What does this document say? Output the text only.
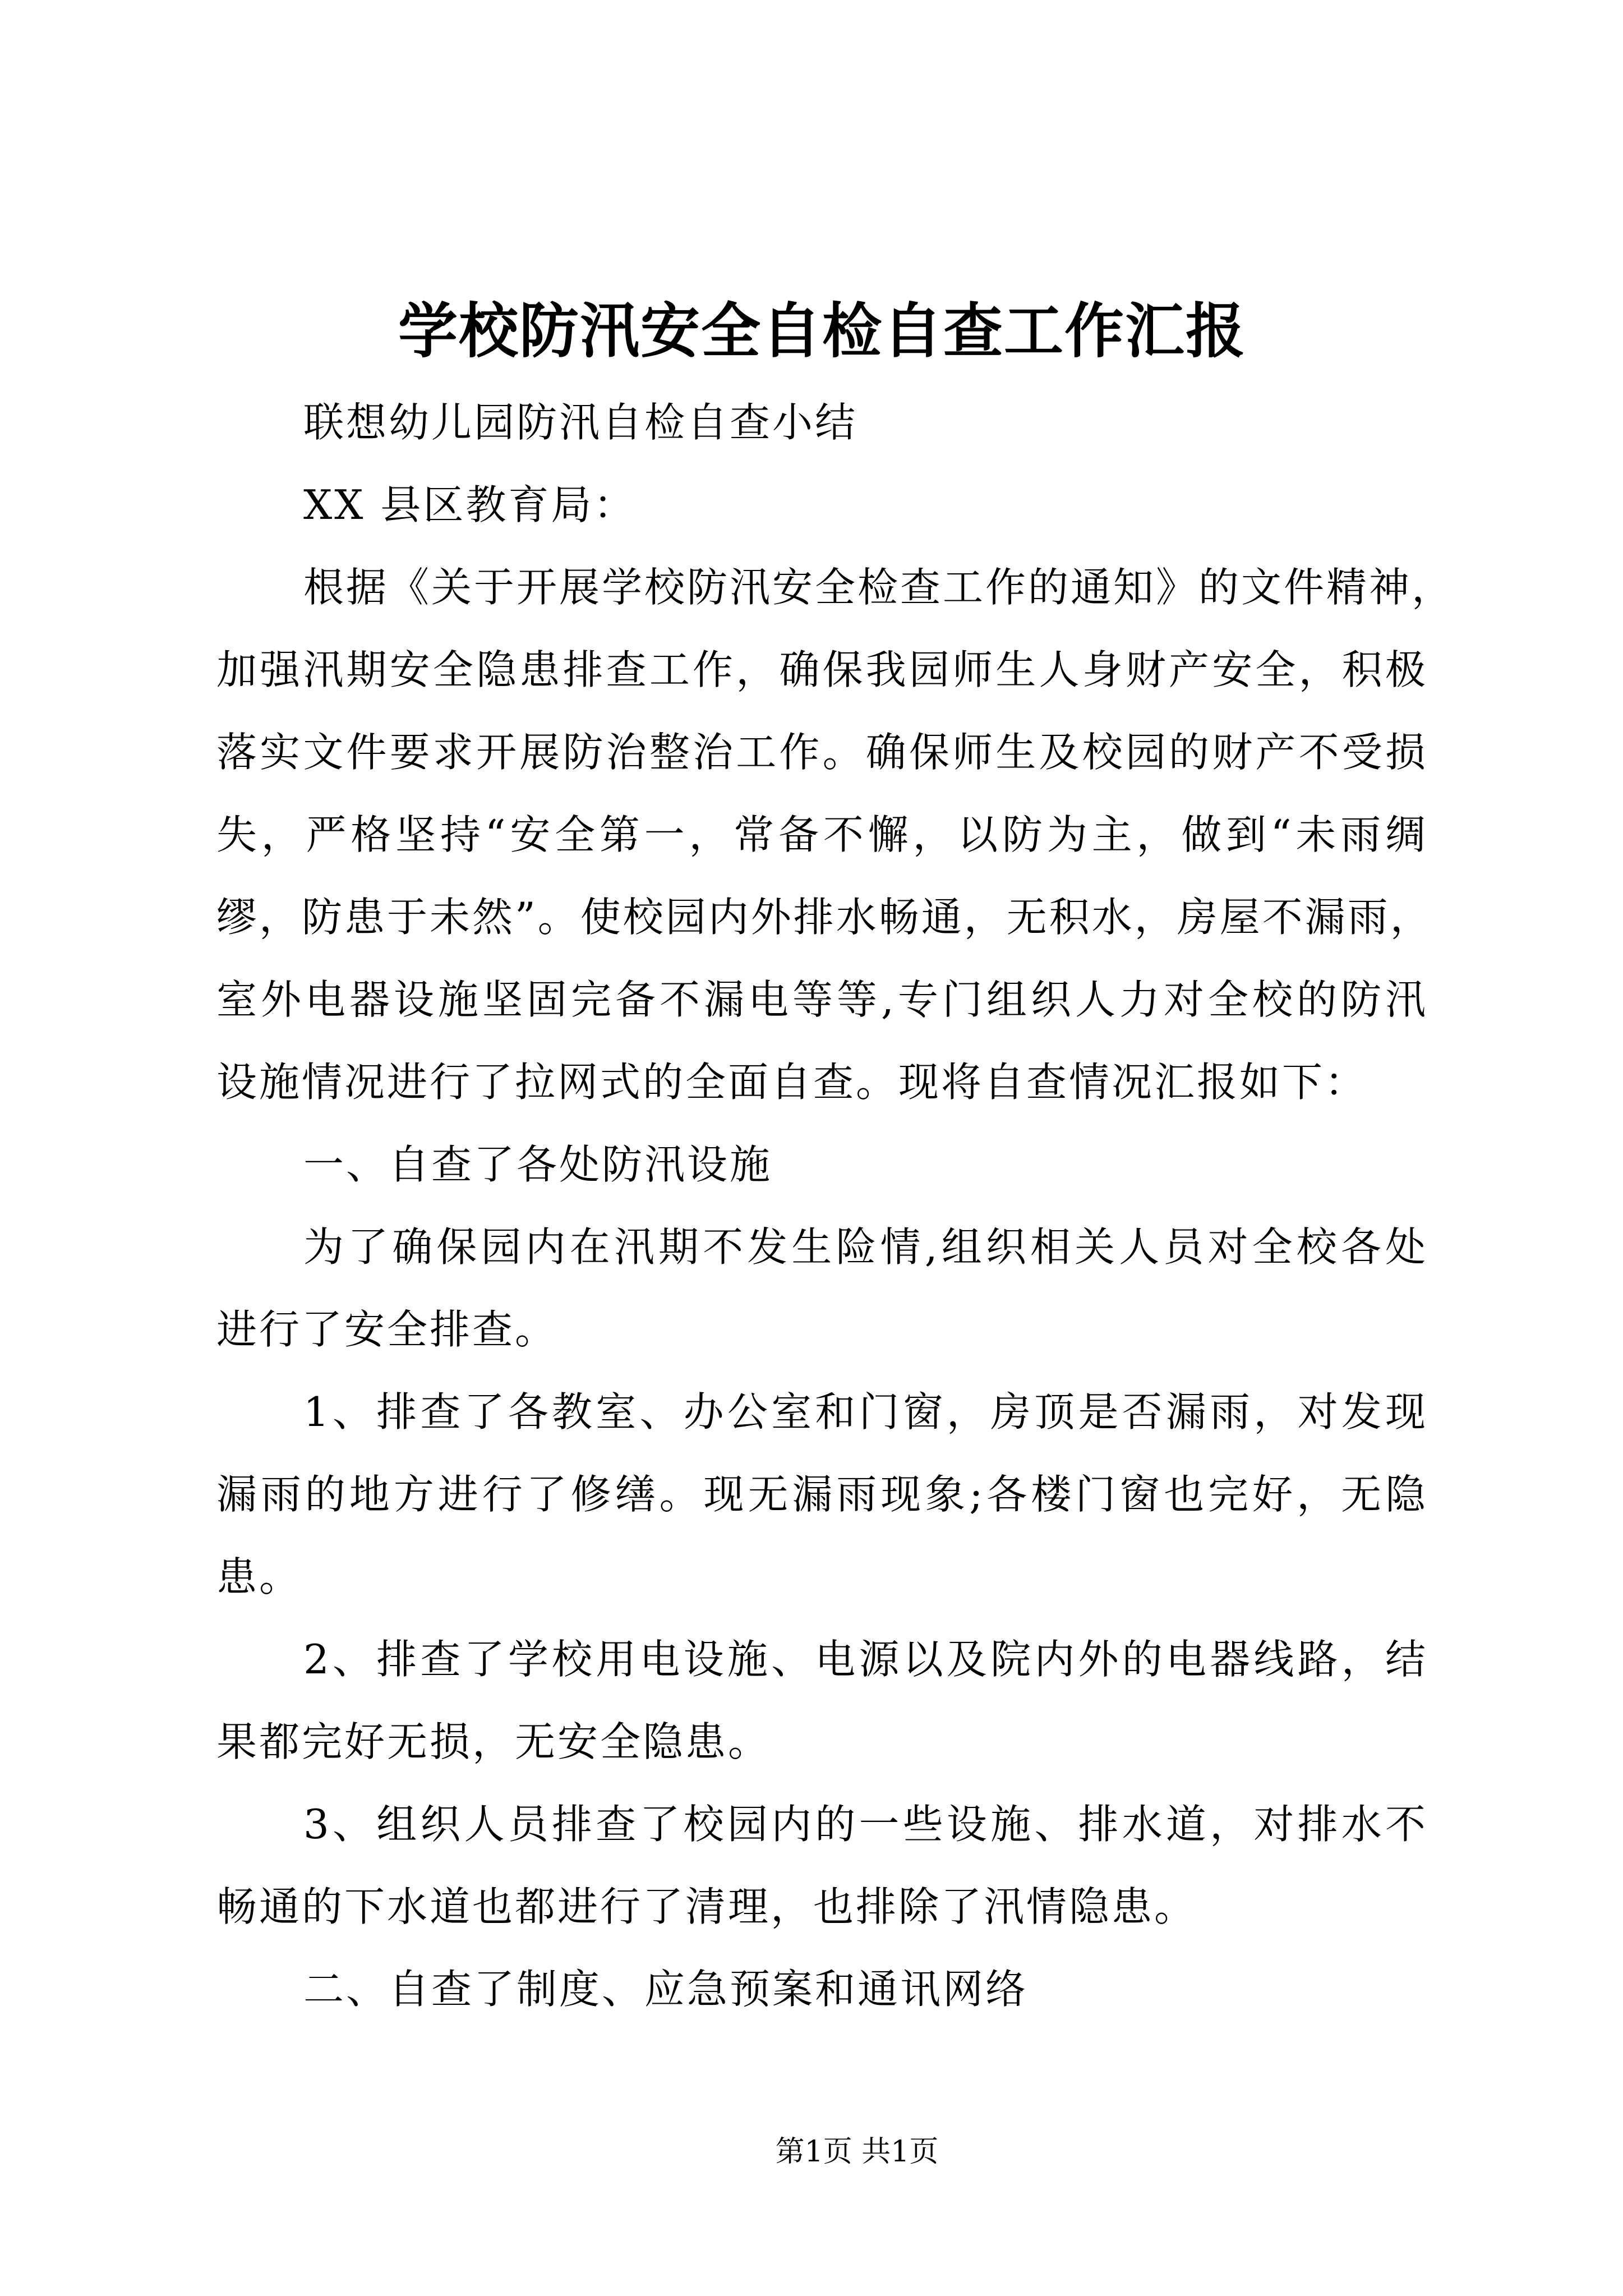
学校防汛安全自检自查工作汇报
联想幼儿园防汛自检自查小结
XX 县区教育局：
根据《关于开展学校防汛安全检查工作的通知》的文件精神，
加强汛期安全隐患排查工作，确保我园师生人身财产安全，积极
落实文件要求开展防治整治工作。确保师生及校园的财产不受损
失，严格坚持“安全第一，常备不懈，以防为主，做到“未雨绸
缪，防患于未然”。使校园内外排水畅通，无积水，房屋不漏雨，
室外电器设施坚固完备不漏电等等,专门组织人力对全校的防汛
设施情况进行了拉网式的全面自查。现将自查情况汇报如下：
一、自查了各处防汛设施
为了确保园内在汛期不发生险情,组织相关人员对全校各处
进行了安全排查。
1、排查了各教室、办公室和门窗，房顶是否漏雨，对发现
漏雨的地方进行了修缮。现无漏雨现象;各楼门窗也完好，无隐
患。
2、排查了学校用电设施、电源以及院内外的电器线路，结
果都完好无损，无安全隐患。
3、组织人员排查了校园内的一些设施、排水道，对排水不
畅通的下水道也都进行了清理，也排除了汛情隐患。
二、自查了制度、应急预案和通讯网络
第1页 共1页
